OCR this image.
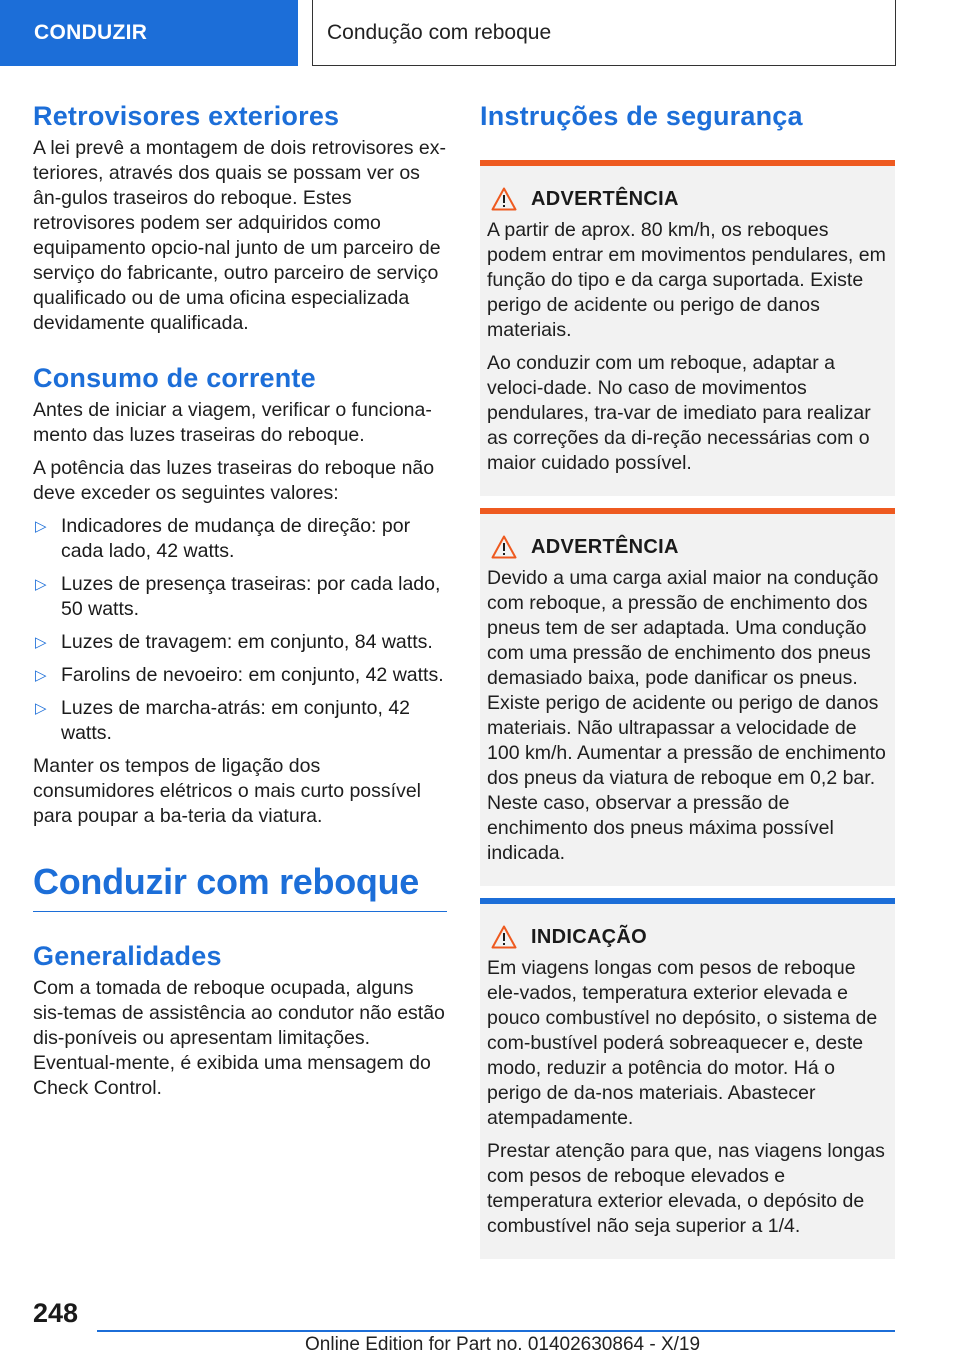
CONDUZIR	Condução com reboque
Retrovisores exteriores

A lei prevê a montagem de dois retrovisores ex-teriores, através dos quais se possam ver os ân-gulos traseiros do reboque. Estes retrovisores podem ser adquiridos como equipamento opcio-nal junto de um parceiro de serviço do fabricante, outro parceiro de serviço qualificado ou de uma oficina especializada devidamente qualificada.

Consumo de corrente

Antes de iniciar a viagem, verificar o funciona-mento das luzes traseiras do reboque.

A potência das luzes traseiras do reboque não deve exceder os seguintes valores:

▷ Indicadores de mudança de direção: por cada lado, 42 watts.
▷ Luzes de presença traseiras: por cada lado, 50 watts.
▷ Luzes de travagem: em conjunto, 84 watts.
▷ Farolins de nevoeiro: em conjunto, 42 watts.
▷ Luzes de marcha-atrás: em conjunto, 42 watts.

Manter os tempos de ligação dos consumidores elétricos o mais curto possível para poupar a ba-teria da viatura.

Conduzir com reboque
Generalidades

Com a tomada de reboque ocupada, alguns sis-temas de assistência ao condutor não estão dis-poníveis ou apresentam limitações. Eventual-mente, é exibida uma mensagem do Check Control.

Instruções de segurança
ADVERTÊNCIA

A partir de aprox. 80 km/h, os reboques podem entrar em movimentos pendulares, em função do tipo e da carga suportada. Existe perigo de acidente ou perigo de danos materiais.

Ao conduzir com um reboque, adaptar a veloci-dade. No caso de movimentos pendulares, tra-var de imediato para realizar as correções da di-reção necessárias com o maior cuidado possível.

ADVERTÊNCIA

Devido a uma carga axial maior na condução com reboque, a pressão de enchimento dos pneus tem de ser adaptada. Uma condução com uma pressão de enchimento dos pneus demasiado baixa, pode danificar os pneus. Existe perigo de acidente ou perigo de danos materiais. Não ultrapassar a velocidade de 100 km/h. Aumentar a pressão de enchimento dos pneus da viatura de reboque em 0,2 bar. Neste caso, observar a pressão de enchimento dos pneus máxima possível indicada.

INDICAÇÃO

Em viagens longas com pesos de reboque ele-vados, temperatura exterior elevada e pouco combustível no depósito, o sistema de com-bustível poderá sobreaquecer e, deste modo, reduzir a potência do motor. Há o perigo de da-nos materiais. Abastecer atempadamente.

Prestar atenção para que, nas viagens longas com pesos de reboque elevados e temperatura exterior elevada, o depósito de combustível não seja superior a 1/4.

248
Online Edition for Part no. 01402630864 - X/19
